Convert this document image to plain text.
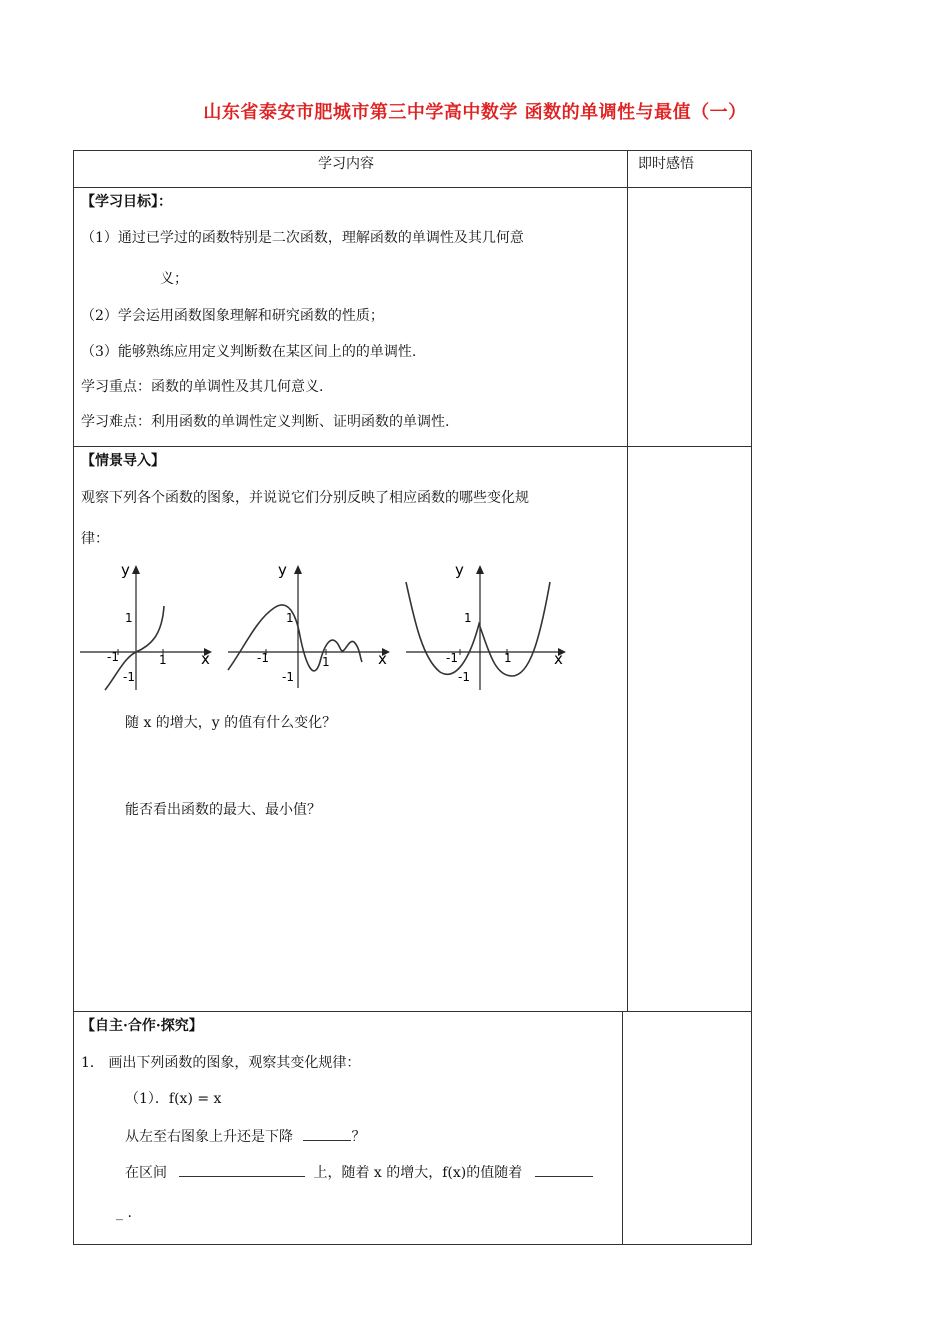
山东省泰安市肥城市第三中学高中数学 函数的单调性与最值（一）
学习内容	即时感悟
【学习目标】：
（1）通过已学过的函数特别是二次函数，理解函数的单调性及其几何意
义；
（2）学会运用函数图象理解和研究函数的性质；
（3）能够熟练应用定义判断数在某区间上的的单调性.
学习重点：函数的单调性及其几何意义.
学习难点：利用函数的单调性定义判断、证明函数的单调性.
【情景导入】
观察下列各个函数的图象，并说说它们分别反映了相应函数的哪些变化规
律：
y
x
1
-1	1
-1
y
x
1
-1	1
-1
y
x
1
-1	1
-1
随 x 的增大，y 的值有什么变化？
能否看出函数的最大、最小值？
【自主·合作·探究】
1． 画出下列函数的图象，观察其变化规律：
（1）．f(x) = x
从左至右图象上升还是下降	？
在区间	上，随着 x 的增大，f(x)的值随着
_ .
